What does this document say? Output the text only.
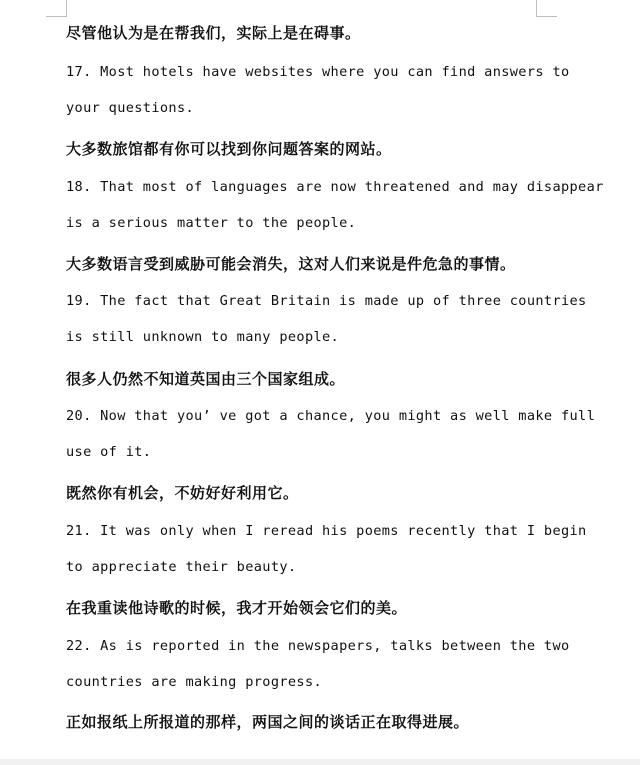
尽管他认为是在帮我们，实际上是在碍事。
17. Most hotels have websites where you can find answers to
your questions.
大多数旅馆都有你可以找到你问题答案的网站。
18. That most of languages are now threatened and may disappear
is a serious matter to the people.
大多数语言受到威胁可能会消失，这对人们来说是件危急的事情。
19. The fact that Great Britain is made up of three countries
is still unknown to many people.
很多人仍然不知道英国由三个国家组成。
20. Now that you’ ve got a chance, you might as well make full
use of it.
既然你有机会，不妨好好利用它。
21. It was only when I reread his poems recently that I begin
to appreciate their beauty.
在我重读他诗歌的时候，我才开始领会它们的美。
22. As is reported in the newspapers, talks between the two
countries are making progress.
正如报纸上所报道的那样，两国之间的谈话正在取得进展。
